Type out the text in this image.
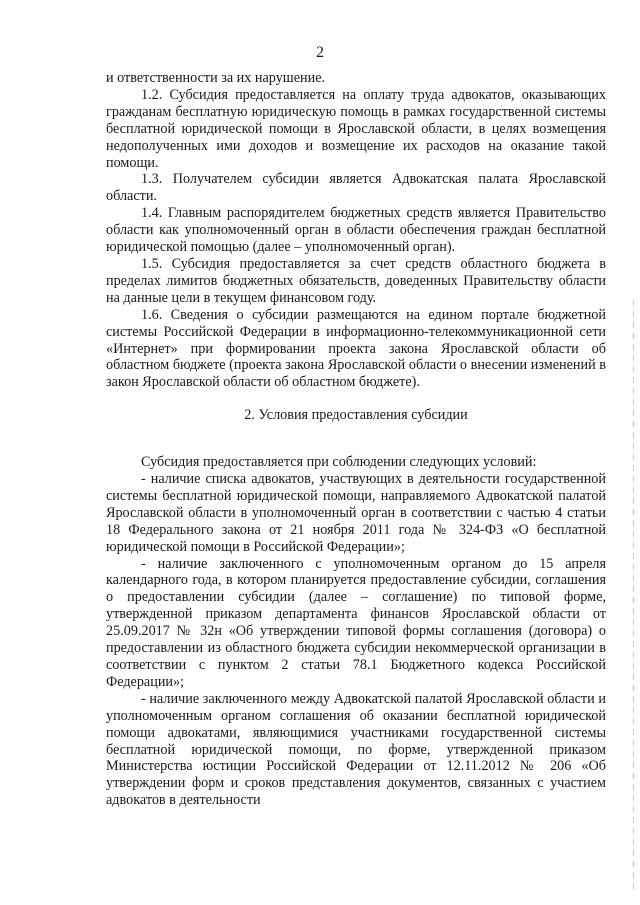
2

и ответственности за их нарушение.

1.2. Субсидия предоставляется на оплату труда адвокатов, оказывающих гражданам бесплатную юридическую помощь в рамках государственной системы бесплатной юридической помощи в Ярославской области, в целях возмещения недополученных ими доходов и возмещение их расходов на оказание такой помощи.

1.3. Получателем субсидии является Адвокатская палата Ярославской области.

1.4. Главным распорядителем бюджетных средств является Правительство области как уполномоченный орган в области обеспечения граждан бесплатной юридической помощью (далее – уполномоченный орган).

1.5. Субсидия предоставляется за счет средств областного бюджета в пределах лимитов бюджетных обязательств, доведенных Правительству области на данные цели в текущем финансовом году.

1.6. Сведения о субсидии размещаются на едином портале бюджетной системы Российской Федерации в информационно-телекоммуникационной сети «Интернет» при формировании проекта закона Ярославской области об областном бюджете (проекта закона Ярославской области о внесении изменений в закон Ярославской области об областном бюджете).

2. Условия предоставления субсидии

Субсидия предоставляется при соблюдении следующих условий:

- наличие списка адвокатов, участвующих в деятельности государственной системы бесплатной юридической помощи, направляемого Адвокатской палатой Ярославской области в уполномоченный орган в соответствии с частью 4 статьи 18 Федерального закона от 21 ноября 2011 года № 324-ФЗ «О бесплатной юридической помощи в Российской Федерации»;

- наличие заключенного с уполномоченным органом до 15 апреля календарного года, в котором планируется предоставление субсидии, соглашения о предоставлении субсидии (далее – соглашение) по типовой форме, утвержденной приказом департамента финансов Ярославской области от 25.09.2017 № 32н «Об утверждении типовой формы соглашения (договора) о предоставлении из областного бюджета субсидии некоммерческой организации в соответствии с пунктом 2 статьи 78.1 Бюджетного кодекса Российской Федерации»;

- наличие заключенного между Адвокатской палатой Ярославской области и уполномоченным органом соглашения об оказании бесплатной юридической помощи адвокатами, являющимися участниками государственной системы бесплатной юридической помощи, по форме, утвержденной приказом Министерства юстиции Российской Федерации от 12.11.2012 № 206 «Об утверждении форм и сроков представления документов, связанных с участием адвокатов в деятельности
